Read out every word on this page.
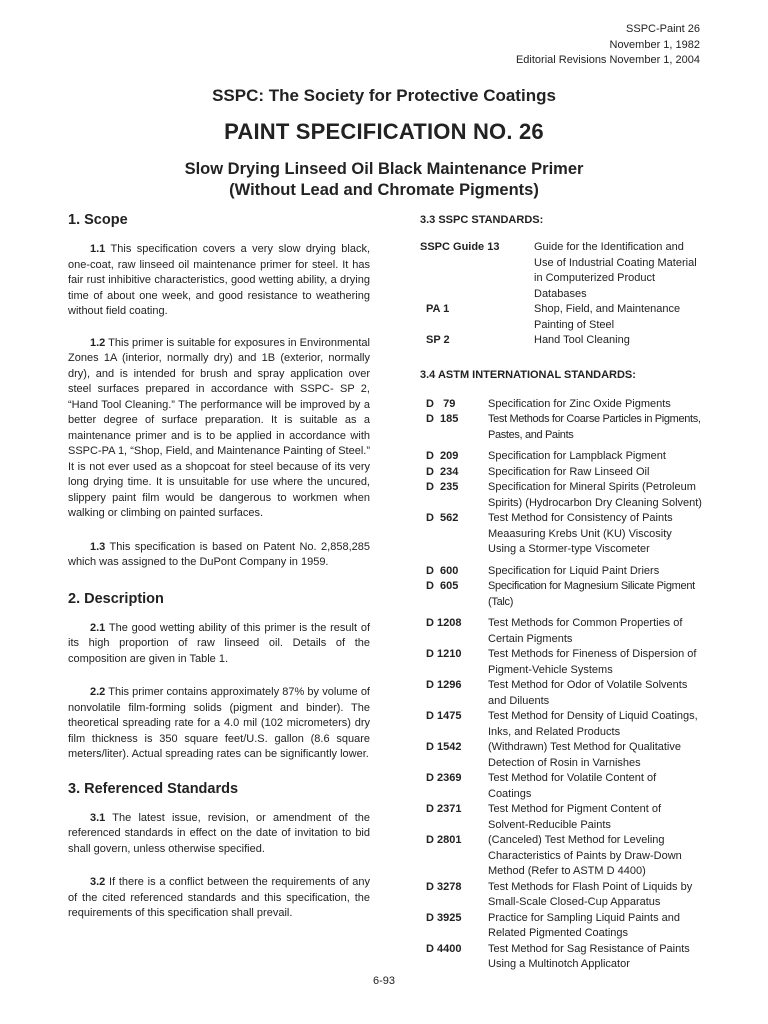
SSPC-Paint 26
November 1, 1982
Editorial Revisions November 1, 2004
SSPC: The Society for Protective Coatings
PAINT SPECIFICATION NO. 26
Slow Drying Linseed Oil Black Maintenance Primer
(Without Lead and Chromate Pigments)
1. Scope

1.1 This specification covers a very slow drying black, one-coat, raw linseed oil maintenance primer for steel. It has fair rust inhibitive characteristics, good wetting ability, a drying time of about one week, and good resistance to weathering without field coating.

1.2 This primer is suitable for exposures in Environmental Zones 1A (interior, normally dry) and 1B (exterior, normally dry), and is intended for brush and spray application over steel surfaces prepared in accordance with SSPC- SP 2, “Hand Tool Cleaning.” The performance will be improved by a better degree of surface preparation. It is suitable as a maintenance primer and is to be applied in accordance with SSPC-PA 1, “Shop, Field, and Maintenance Painting of Steel.” It is not ever used as a shopcoat for steel because of its very long drying time. It is unsuitable for use where the uncured, slippery paint film would be dangerous to workmen when walking or climbing on painted surfaces.

1.3 This specification is based on Patent No. 2,858,285 which was assigned to the DuPont Company in 1959.

2. Description

2.1 The good wetting ability of this primer is the result of its high proportion of raw linseed oil. Details of the composition are given in Table 1.

2.2 This primer contains approximately 87% by volume of nonvolatile film-forming solids (pigment and binder). The theoretical spreading rate for a 4.0 mil (102 micrometers) dry film thickness is 350 square feet/U.S. gallon (8.6 square meters/liter). Actual spreading rates can be significantly lower.

3. Referenced Standards

3.1 The latest issue, revision, or amendment of the referenced standards in effect on the date of invitation to bid shall govern, unless otherwise specified.

3.2 If there is a conflict between the requirements of any of the cited referenced standards and this specification, the requirements of this specification shall prevail.

3.3 SSPC STANDARDS:
SSPC Guide 13	Guide for the Identification and Use of Industrial Coating Material in Computerized Product Databases
PA 1	Shop, Field, and Maintenance Painting of Steel
SP 2	Hand Tool Cleaning
3.4 ASTM INTERNATIONAL STANDARDS:
D   79	Specification for Zinc Oxide Pigments
D  185	Test Methods for Coarse Particles in Pigments, Pastes, and Paints
D  209	Specification for Lampblack Pigment
D  234	Specification for Raw Linseed Oil
D  235	Specification for Mineral Spirits (Petroleum Spirits) (Hydrocarbon Dry Cleaning Solvent)
D  562	Test Method for Consistency of Paints Meaasuring Krebs Unit (KU) Viscosity Using a Stormer-type Viscometer
D  600	Specification for Liquid Paint Driers
D  605	Specification for Magnesium Silicate Pigment (Talc)
D 1208	Test Methods for Common Properties of Certain Pigments
D 1210	Test Methods for Fineness of Dispersion of Pigment-Vehicle Systems
D 1296	Test Method for Odor of Volatile Solvents and Diluents
D 1475	Test Method for Density of Liquid Coatings, Inks, and Related Products
D 1542	(Withdrawn) Test Method for Qualitative Detection of Rosin in Varnishes
D 2369	Test Method for Volatile Content of Coatings
D 2371	Test Method for Pigment Content of Solvent-Reducible Paints
D 2801	(Canceled) Test Method for Leveling Characteristics of Paints by Draw-Down Method (Refer to ASTM D 4400)
D 3278	Test Methods for Flash Point of Liquids by Small-Scale Closed-Cup Apparatus
D 3925	Practice for Sampling Liquid Paints and Related Pigmented Coatings
D 4400	Test Method for Sag Resistance of Paints Using a Multinotch Applicator
6-93
